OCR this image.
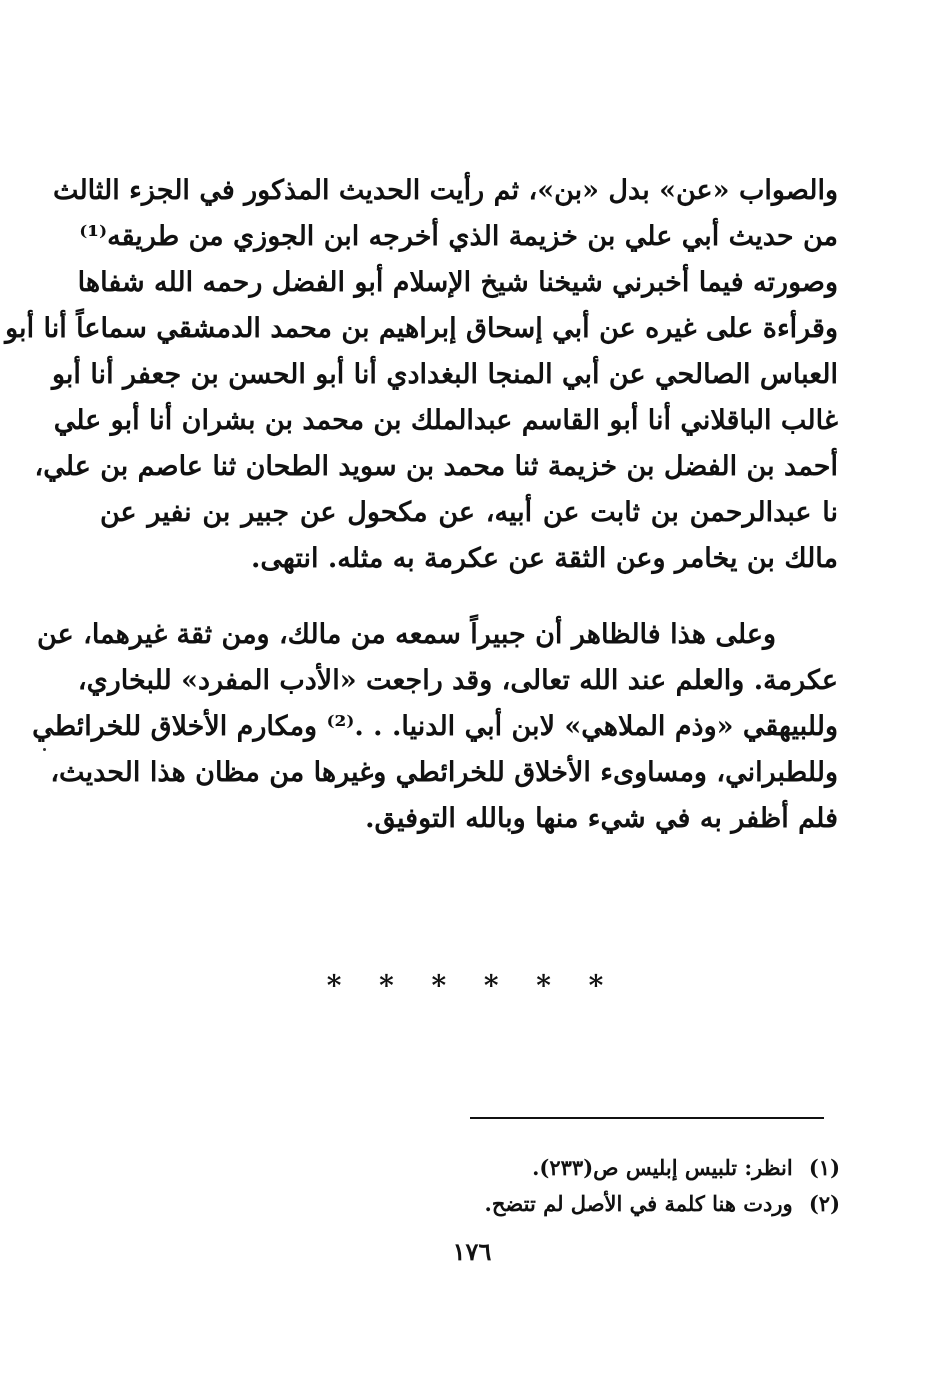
والصواب «عن» بدل «بن»، ثم رأيت الحديث المذكور في الجزء الثالث
من حديث أبي علي بن خزيمة الذي أخرجه ابن الجوزي من طريقه⁽¹⁾
وصورته فيما أخبرني شيخنا شيخ الإسلام أبو الفضل رحمه الله شفاها
وقرأءة على غيره عن أبي إسحاق إبراهيم بن محمد الدمشقي سماعاً أنا أبو
العباس الصالحي عن أبي المنجا البغدادي أنا أبو الحسن بن جعفر أنا أبو
غالب الباقلاني أنا أبو القاسم عبدالملك بن محمد بن بشران أنا أبو علي
أحمد بن الفضل بن خزيمة ثنا محمد بن سويد الطحان ثنا عاصم بن علي،
نا عبدالرحمن بن ثابت عن أبيه، عن مكحول عن جبير بن نفير عن
مالك بن يخامر وعن الثقة عن عكرمة به مثله. انتهى.
وعلى هذا فالظاهر أن جبيراً سمعه من مالك، ومن ثقة غيرهما، عن
عكرمة. والعلم عند الله تعالى، وقد راجعت «الأدب المفرد» للبخاري،
وللبيهقي «وذم الملاهي» لابن أبي الدنيا. . .⁽²⁾ ومكارم الأخلاق للخرائطي
وللطبراني، ومساوىء الأخلاق للخرائطي وغيرها من مظان هذا الحديث،
فلم أظفر به في شيء منها وبالله التوفيق.
* * * * * *
(١) انظر: تلبيس إبليس ص(٢٣٣).
(٢) وردت هنا كلمة في الأصل لم تتضح.
١٧٦
